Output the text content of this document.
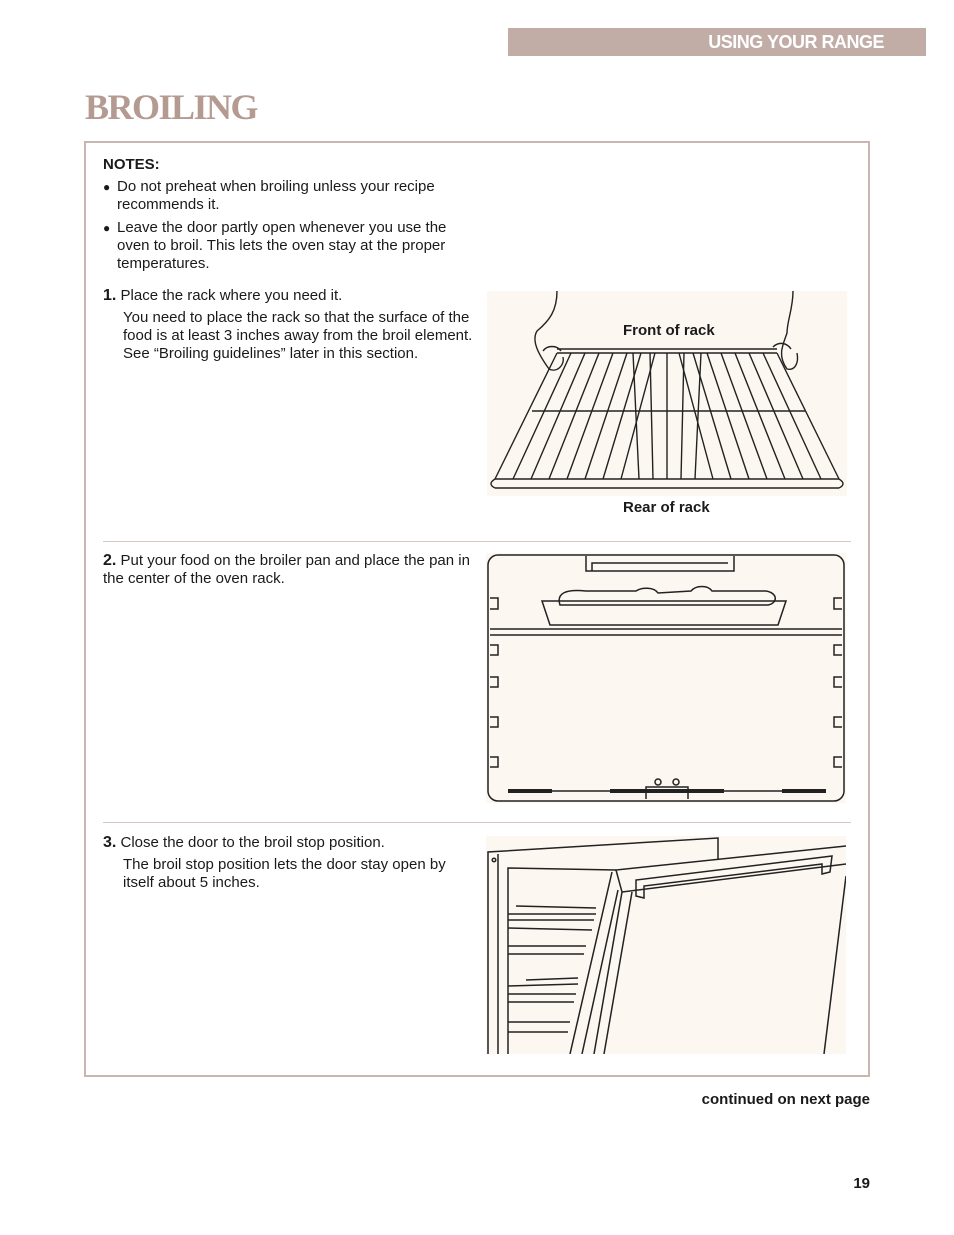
USING YOUR RANGE
BROILING
NOTES:
● Do not preheat when broiling unless your recipe recommends it.
● Leave the door partly open whenever you use the oven to broil. This lets the oven stay at the proper temperatures.
1. Place the rack where you need it.
You need to place the rack so that the surface of the food is at least 3 inches away from the broil element. See “Broiling guidelines” later in this section.
Front of rack
Rear of rack
2. Put your food on the broiler pan and place the pan in the center of the oven rack.
3. Close the door to the broil stop position.
The broil stop position lets the door stay open by itself about 5 inches.
continued on next page
19
